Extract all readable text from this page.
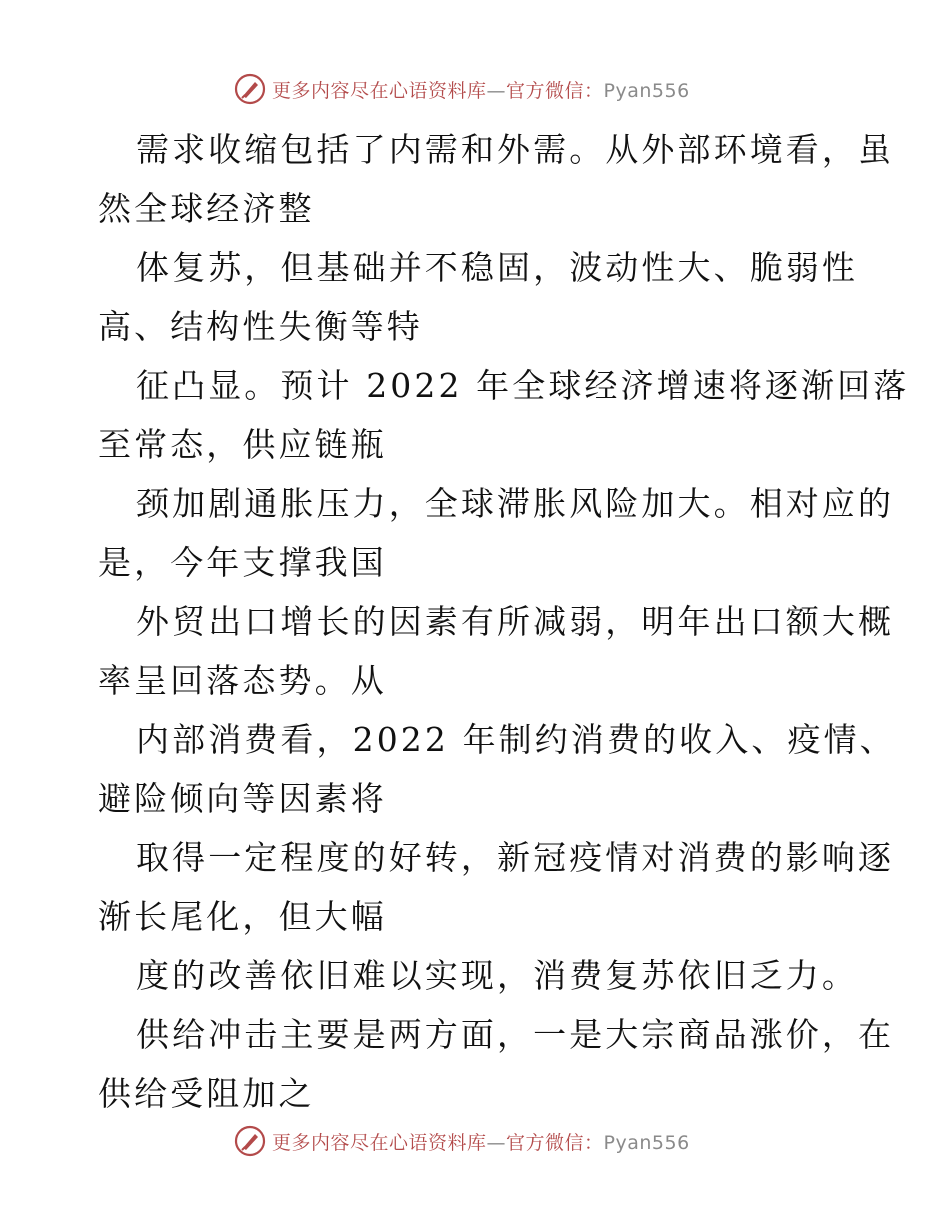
更多内容尽在心语资料库—官方微信：Pyan556
需求收缩包括了内需和外需。从外部环境看，虽
然全球经济整
体复苏，但基础并不稳固，波动性大、脆弱性
高、结构性失衡等特
征凸显。预计 2022 年全球经济增速将逐渐回落
至常态，供应链瓶
颈加剧通胀压力，全球滞胀风险加大。相对应的
是，今年支撑我国
外贸出口增长的因素有所减弱，明年出口额大概
率呈回落态势。从
内部消费看，2022 年制约消费的收入、疫情、
避险倾向等因素将
取得一定程度的好转，新冠疫情对消费的影响逐
渐长尾化，但大幅
度的改善依旧难以实现，消费复苏依旧乏力。
供给冲击主要是两方面，一是大宗商品涨价，在
供给受阻加之
更多内容尽在心语资料库—官方微信：Pyan556
